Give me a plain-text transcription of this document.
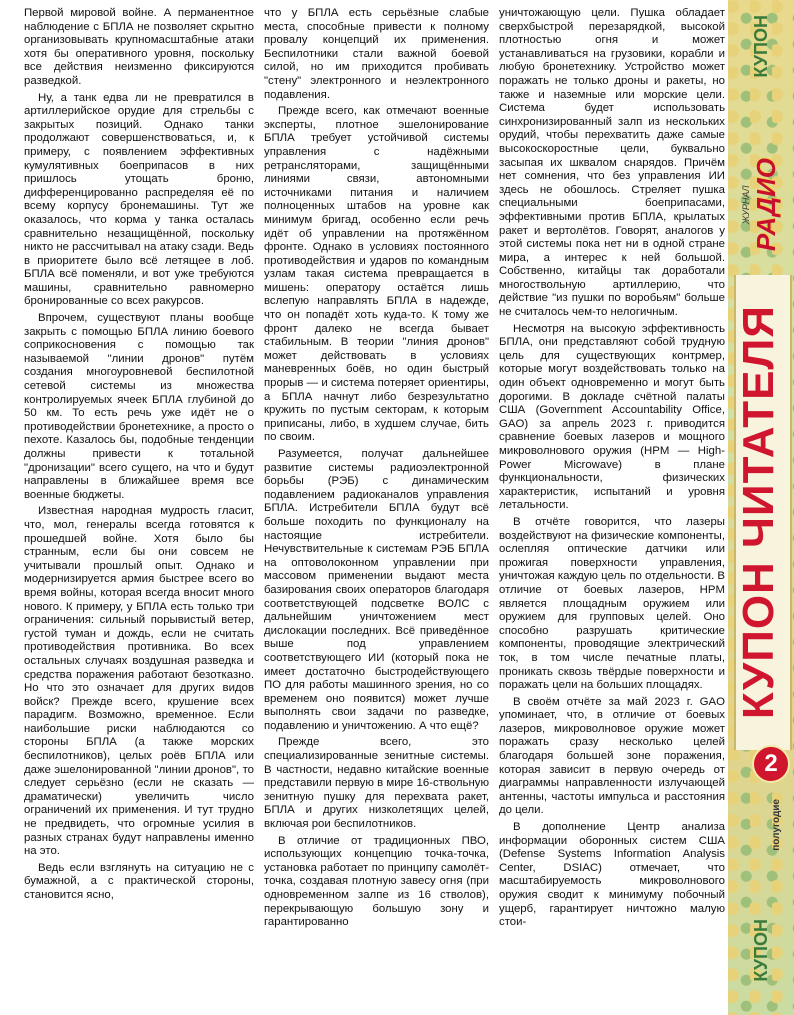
Первой мировой войне. А перманентное наблюдение с БПЛА не позволяет скрытно организовывать крупномасштабные атаки хотя бы оперативного уровня, поскольку все действия неизменно фиксируются разведкой.

Ну, а танк едва ли не превратился в артиллерийское орудие для стрельбы с закрытых позиций. Однако танки продолжают совершенствоваться, и, к примеру, с появлением эффективных кумулятивных боеприпасов в них пришлось утощать броню, дифференцированно распределяя её по всему корпусу бронемашины. Тут же оказалось, что корма у танка осталась сравнительно незащищённой, поскольку никто не рассчитывал на атаку сзади. Ведь в приоритете было всё летящее в лоб. БПЛА всё поменяли, и вот уже требуются машины, сравнительно равномерно бронированные со всех ракурсов.

Впрочем, существуют планы вообще закрыть с помощью БПЛА линию боевого соприкосновения с помощью так называемой "линии дронов" путём создания многоуровневой беспилотной сетевой системы из множества контролируемых ячеек БПЛА глубиной до 50 км. То есть речь уже идёт не о противодействии бронетехнике, а просто о пехоте. Казалось бы, подобные тенденции должны привести к тотальной "дронизации" всего сущего, на что и будут направлены в ближайшее время все военные бюджеты.

Известная народная мудрость гласит, что, мол, генералы всегда готовятся к прошедшей войне. Хотя было бы странным, если бы они совсем не учитывали прошлый опыт. Однако и модернизируется армия быстрее всего во время войны, которая всегда вносит много нового. К примеру, у БПЛА есть только три ограничения: сильный порывистый ветер, густой туман и дождь, если не считать противодействия противника. Во всех остальных случаях воздушная разведка и средства поражения работают безотказно. Но что это означает для других видов войск? Прежде всего, крушение всех парадигм. Возможно, временное. Если наибольшие риски наблюдаются со стороны БПЛА (а также морских беспилотников), целых роёв БПЛА или даже эшелонированной "линии дронов", то следует серьёзно (если не сказать — драматически) увеличить число ограничений их применения. И тут трудно не предвидеть, что огромные усилия в разных странах будут направлены именно на это.

Ведь если взглянуть на ситуацию не с бумажной, а с практической стороны, становится ясно,

что у БПЛА есть серьёзные слабые места, способные привести к полному провалу концепций их применения. Беспилотники стали важной боевой силой, но им приходится пробивать "стену" электронного и неэлектронного подавления.

Прежде всего, как отмечают военные эксперты, плотное эшелонирование БПЛА требует устойчивой системы управления с надёжными ретрансляторами, защищёнными линиями связи, автономными источниками питания и наличием полноценных штабов на уровне как минимум бригад, особенно если речь идёт об управлении на протяжённом фронте. Однако в условиях постоянного противодействия и ударов по командным узлам такая система превращается в мишень: оператору остаётся лишь вслепую направлять БПЛА в надежде, что он попадёт хоть куда-то. К тому же фронт далеко не всегда бывает стабильным. В теории "линия дронов" может действовать в условиях маневренных боёв, но один быстрый прорыв — и система потеряет ориентиры, а БПЛА начнут либо безрезультатно кружить по пустым секторам, к которым приписаны, либо, в худшем случае, бить по своим.

Разумеется, получат дальнейшее развитие системы радиоэлектронной борьбы (РЭБ) с динамическим подавлением радиоканалов управления БПЛА. Истребители БПЛА будут всё больше походить по функционалу на настоящие истребители. Нечувствительные к системам РЭБ БПЛА на оптоволоконном управлении при массовом применении выдают места базирования своих операторов благодаря соответствующей подсветке ВОЛС с дальнейшим уничтожением мест дислокации последних. Всё приведённое выше под управлением соответствующего ИИ (который пока не имеет достаточно быстродействующего ПО для работы машинного зрения, но со временем оно появится) может лучше выполнять свои задачи по разведке, подавлению и уничтожению. А что ещё?

Прежде всего, это специализированные зенитные системы. В частности, недавно китайские военные представили первую в мире 16-ствольную зенитную пушку для перехвата ракет, БПЛА и других низколетящих целей, включая рои беспилотников.

В отличие от традиционных ПВО, использующих концепцию точка-точка, установка работает по принципу самолёт-точка, создавая плотную завесу огня (при одновременном залпе из 16 стволов), перекрывающую большую зону и гарантированно

уничтожающую цели. Пушка обладает сверхбыстрой перезарядкой, высокой плотностью огня и может устанавливаться на грузовики, корабли и любую бронетехнику. Устройство может поражать не только дроны и ракеты, но также и наземные или морские цели. Система будет использовать синхронизированный залп из нескольких орудий, чтобы перехватить даже самые высокоскоростные цели, буквально засыпая их шквалом снарядов. Причём нет сомнения, что без управления ИИ здесь не обошлось. Стреляет пушка специальными боеприпасами, эффективными против БПЛА, крылатых ракет и вертолётов. Говорят, аналогов у этой системы пока нет ни в одной стране мира, а интерес к ней большой. Собственно, китайцы так доработали многоствольную артиллерию, что действие "из пушки по воробьям" больше не считалось чем-то нелогичным.

Несмотря на высокую эффективность БПЛА, они представляют собой трудную цель для существующих контрмер, которые могут воздействовать только на один объект одновременно и могут быть дорогими. В докладе счётной палаты США (Government Accountability Office, GAO) за апрель 2023 г. приводится сравнение боевых лазеров и мощного микроволнового оружия (HPM — High-Power Microwave) в плане функциональности, физических характеристик, испытаний и уровня летальности.

В отчёте говорится, что лазеры воздействуют на физические компоненты, ослепляя оптические датчики или прожигая поверхности управления, уничтожая каждую цель по отдельности. В отличие от боевых лазеров, HPM является площадным оружием или оружием для групповых целей. Оно способно разрушать критические компоненты, проводящие электрический ток, в том числе печатные платы, проникать сквозь твёрдые поверхности и поражать цели на больших площадях.

В своём отчёте за май 2023 г. GAO упоминает, что, в отличие от боевых лазеров, микроволновое оружие может поражать сразу несколько целей благодаря большей зоне поражения, которая зависит в первую очередь от диаграммы направленности излучающей антенны, частоты импульса и расстояния до цели.

В дополнение Центр анализа информации оборонных систем США (Defense Systems Information Analysis Center, DSIAC) отмечает, что масштабируемость микроволнового оружия сводит к минимуму побочный ущерб, гарантирует ничтожно малую стои-

КУПОН
ЖУРНАЛ РАДИО
КУПОН ЧИТАТЕЛЯ
2
полугодие
КУПОН
